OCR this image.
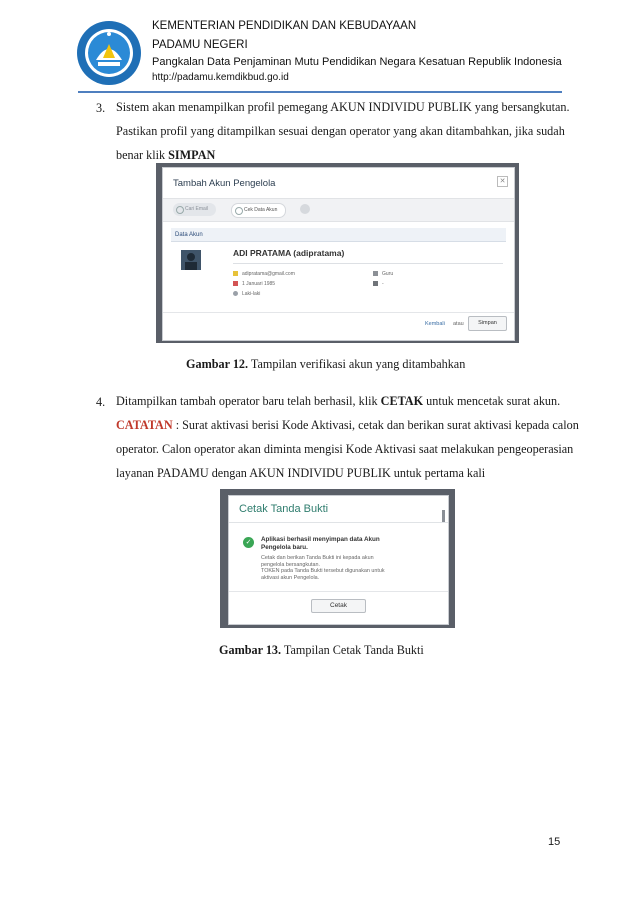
KEMENTERIAN PENDIDIKAN DAN KEBUDAYAAN
PADAMU NEGERI
Pangkalan Data Penjaminan Mutu Pendidikan Negara Kesatuan Republik Indonesia
http://padamu.kemdikbud.go.id
3. Sistem akan menampilkan profil pemegang AKUN INDIVIDU PUBLIK yang bersangkutan.
Pastikan profil yang ditampilkan sesuai dengan operator yang akan ditambahkan, jika sudah
benar klik SIMPAN
Tambah Akun Pengelola	✕
Cari Email	Cek Data Akun
Data Akun
ADI PRATAMA (adipratama)
adipratama@gmail.com
1 Januari 1985
Laki-laki
Guru
-
Kembali atau	Simpan
Gambar 12. Tampilan verifikasi akun yang ditambahkan
4. Ditampilkan tambah operator baru telah berhasil, klik CETAK untuk mencetak surat akun.
CATATAN : Surat aktivasi berisi Kode Aktivasi, cetak dan berikan surat aktivasi kepada calon
operator. Calon operator akan diminta mengisi Kode Aktivasi saat melakukan pengeoperasian
layanan PADAMU dengan AKUN INDIVIDU PUBLIK untuk pertama kali
Cetak Tanda Bukti
✓	Aplikasi berhasil menyimpan data Akun
Pengelola baru.
Cetak dan berikan Tanda Bukti ini kepada akun
pengelola bersangkutan.
TOKEN pada Tanda Bukti tersebut digunakan untuk
aktivasi akun Pengelola.
Cetak
Gambar 13. Tampilan Cetak Tanda Bukti
15
